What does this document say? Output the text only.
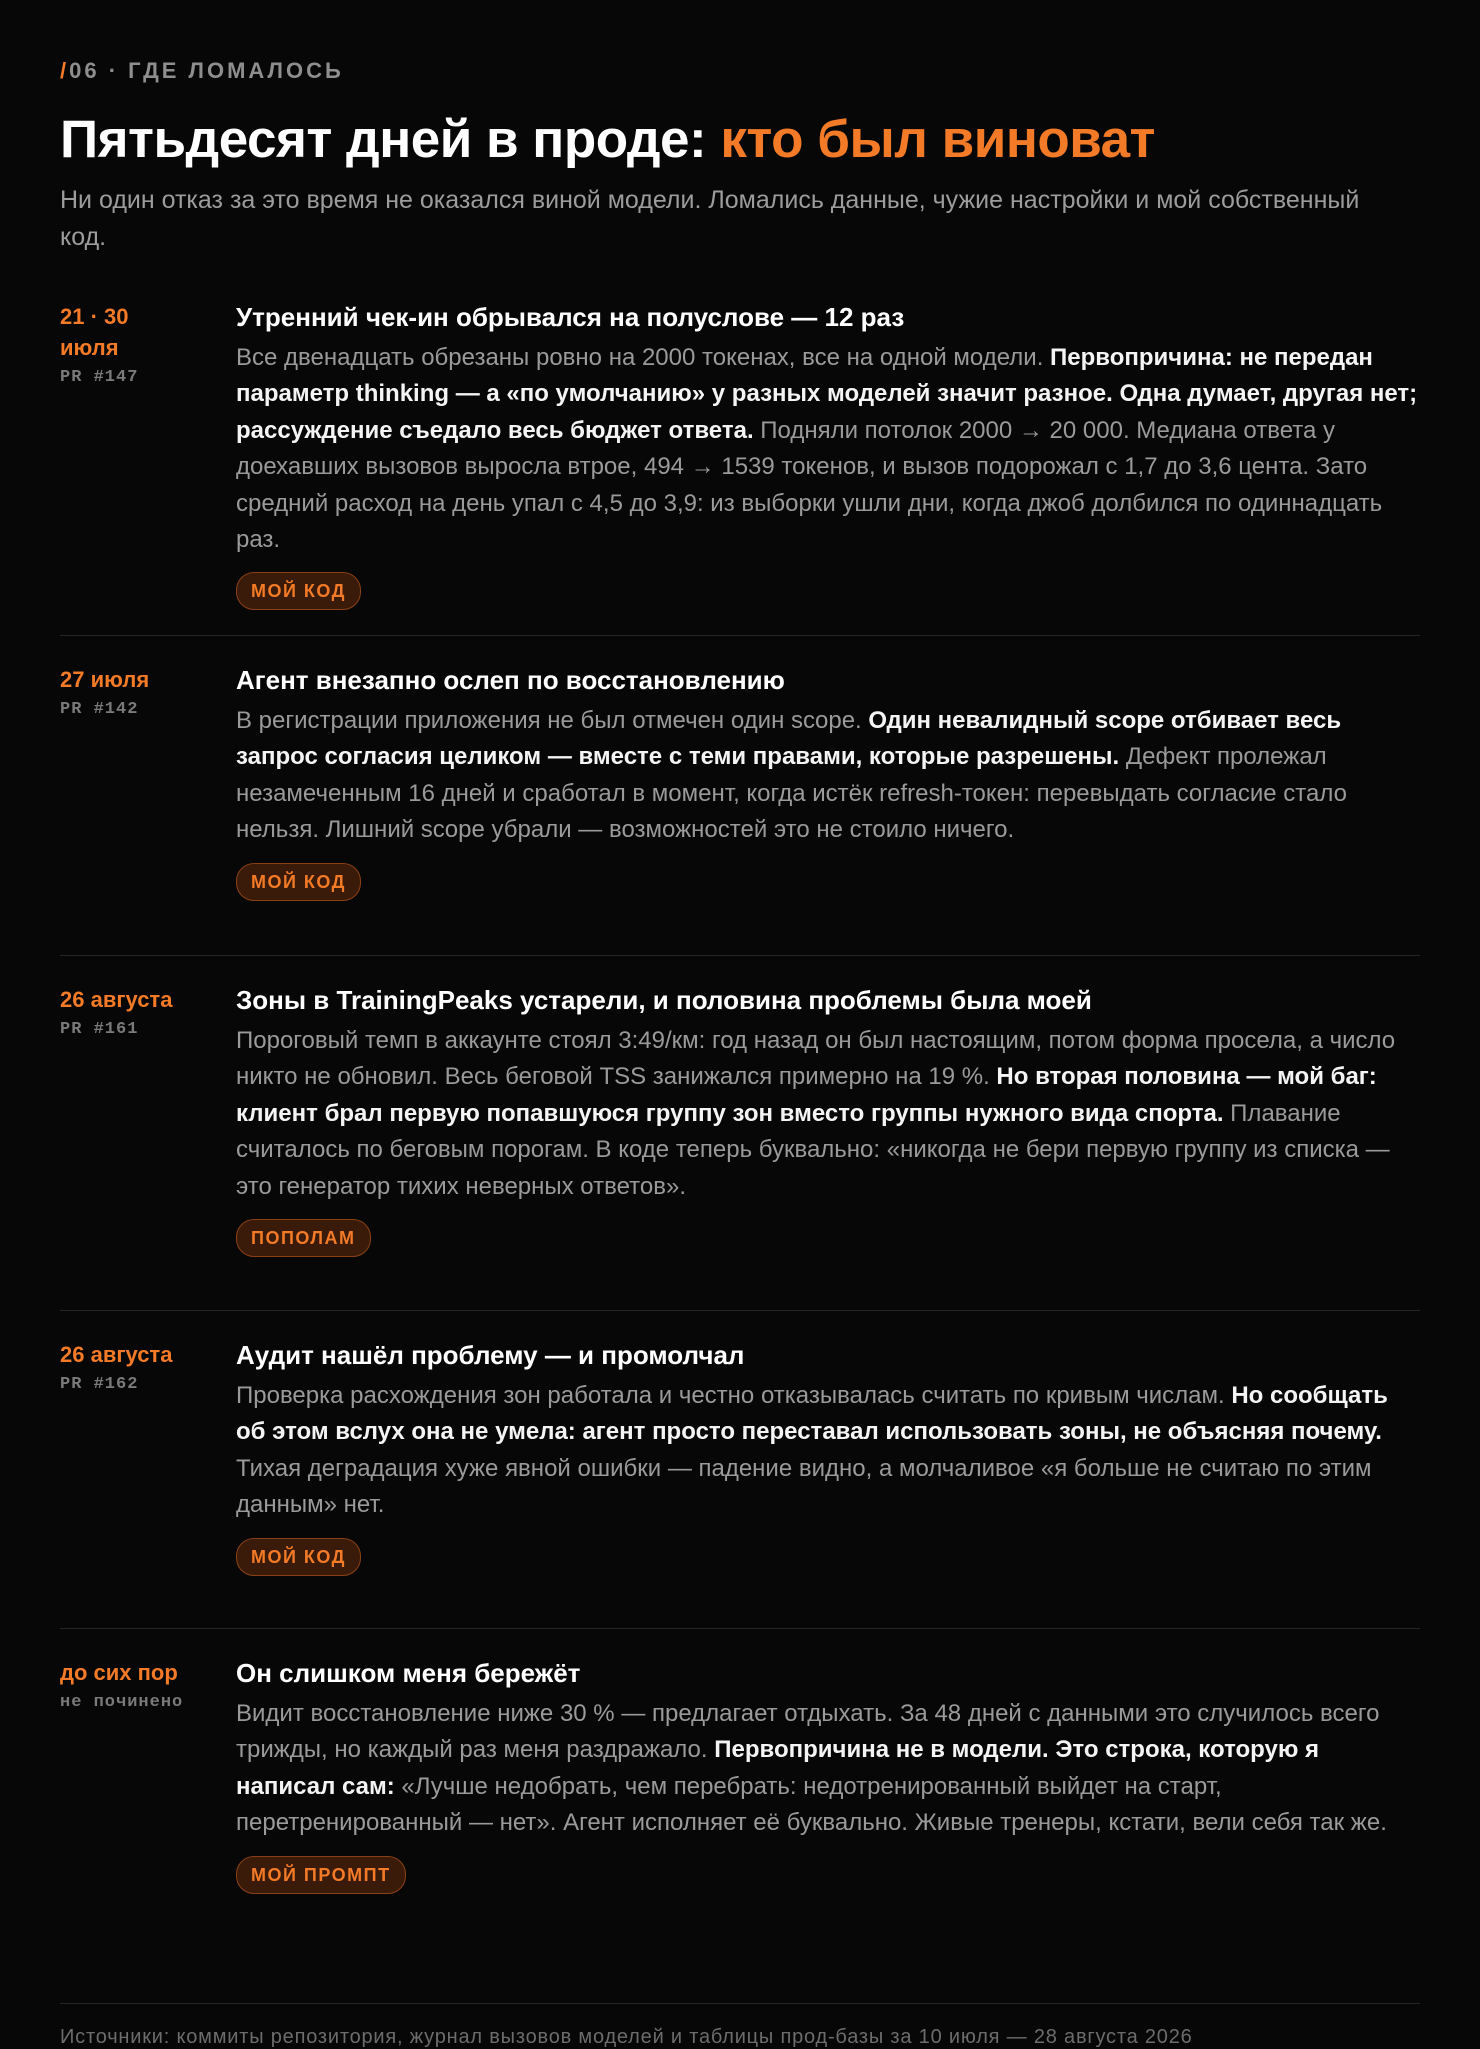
/06 · ГДЕ ЛОМАЛОСЬ
Пятьдесят дней в проде: кто был виноват
Ни один отказ за это время не оказался виной модели. Ломались данные, чужие настройки и мой собственный код.
21 · 30 июля
PR #147
Утренний чек-ин обрывался на полуслове — 12 раз

Все двенадцать обрезаны ровно на 2000 токенах, все на одной модели. Первопричина: не передан параметр thinking — а «по умолчанию» у разных моделей значит разное. Одна думает, другая нет; рассуждение съедало весь бюджет ответа. Подняли потолок 2000 → 20 000. Медиана ответа у доехавших вызовов выросла втрое, 494 → 1539 токенов, и вызов подорожал с 1,7 до 3,6 цента. Зато средний расход на день упал с 4,5 до 3,9: из выборки ушли дни, когда джоб долбился по одиннадцать раз.

МОЙ КОД
27 июля
PR #142
Агент внезапно ослеп по восстановлению

В регистрации приложения не был отмечен один scope. Один невалидный scope отбивает весь запрос согласия целиком — вместе с теми правами, которые разрешены. Дефект пролежал незамеченным 16 дней и сработал в момент, когда истёк refresh-токен: перевыдать согласие стало нельзя. Лишний scope убрали — возможностей это не стоило ничего.

МОЙ КОД
26 августа
PR #161
Зоны в TrainingPeaks устарели, и половина проблемы была моей

Пороговый темп в аккаунте стоял 3:49/км: год назад он был настоящим, потом форма просела, а число никто не обновил. Весь беговой TSS занижался примерно на 19 %. Но вторая половина — мой баг: клиент брал первую попавшуюся группу зон вместо группы нужного вида спорта. Плавание считалось по беговым порогам. В коде теперь буквально: «никогда не бери первую группу из списка — это генератор тихих неверных ответов».

ПОПОЛАМ
26 августа
PR #162
Аудит нашёл проблему — и промолчал

Проверка расхождения зон работала и честно отказывалась считать по кривым числам. Но сообщать об этом вслух она не умела: агент просто переставал использовать зоны, не объясняя почему. Тихая деградация хуже явной ошибки — падение видно, а молчаливое «я больше не считаю по этим данным» нет.

МОЙ КОД
до сих пор
не починено
Он слишком меня бережёт

Видит восстановление ниже 30 % — предлагает отдыхать. За 48 дней с данными это случилось всего трижды, но каждый раз меня раздражало. Первопричина не в модели. Это строка, которую я написал сам: «Лучше недобрать, чем перебрать: недотренированный выйдет на старт, перетренированный — нет». Агент исполняет её буквально. Живые тренеры, кстати, вели себя так же.

МОЙ ПРОМПТ
Источники: коммиты репозитория, журнал вызовов моделей и таблицы прод-базы за 10 июля — 28 августа 2026
